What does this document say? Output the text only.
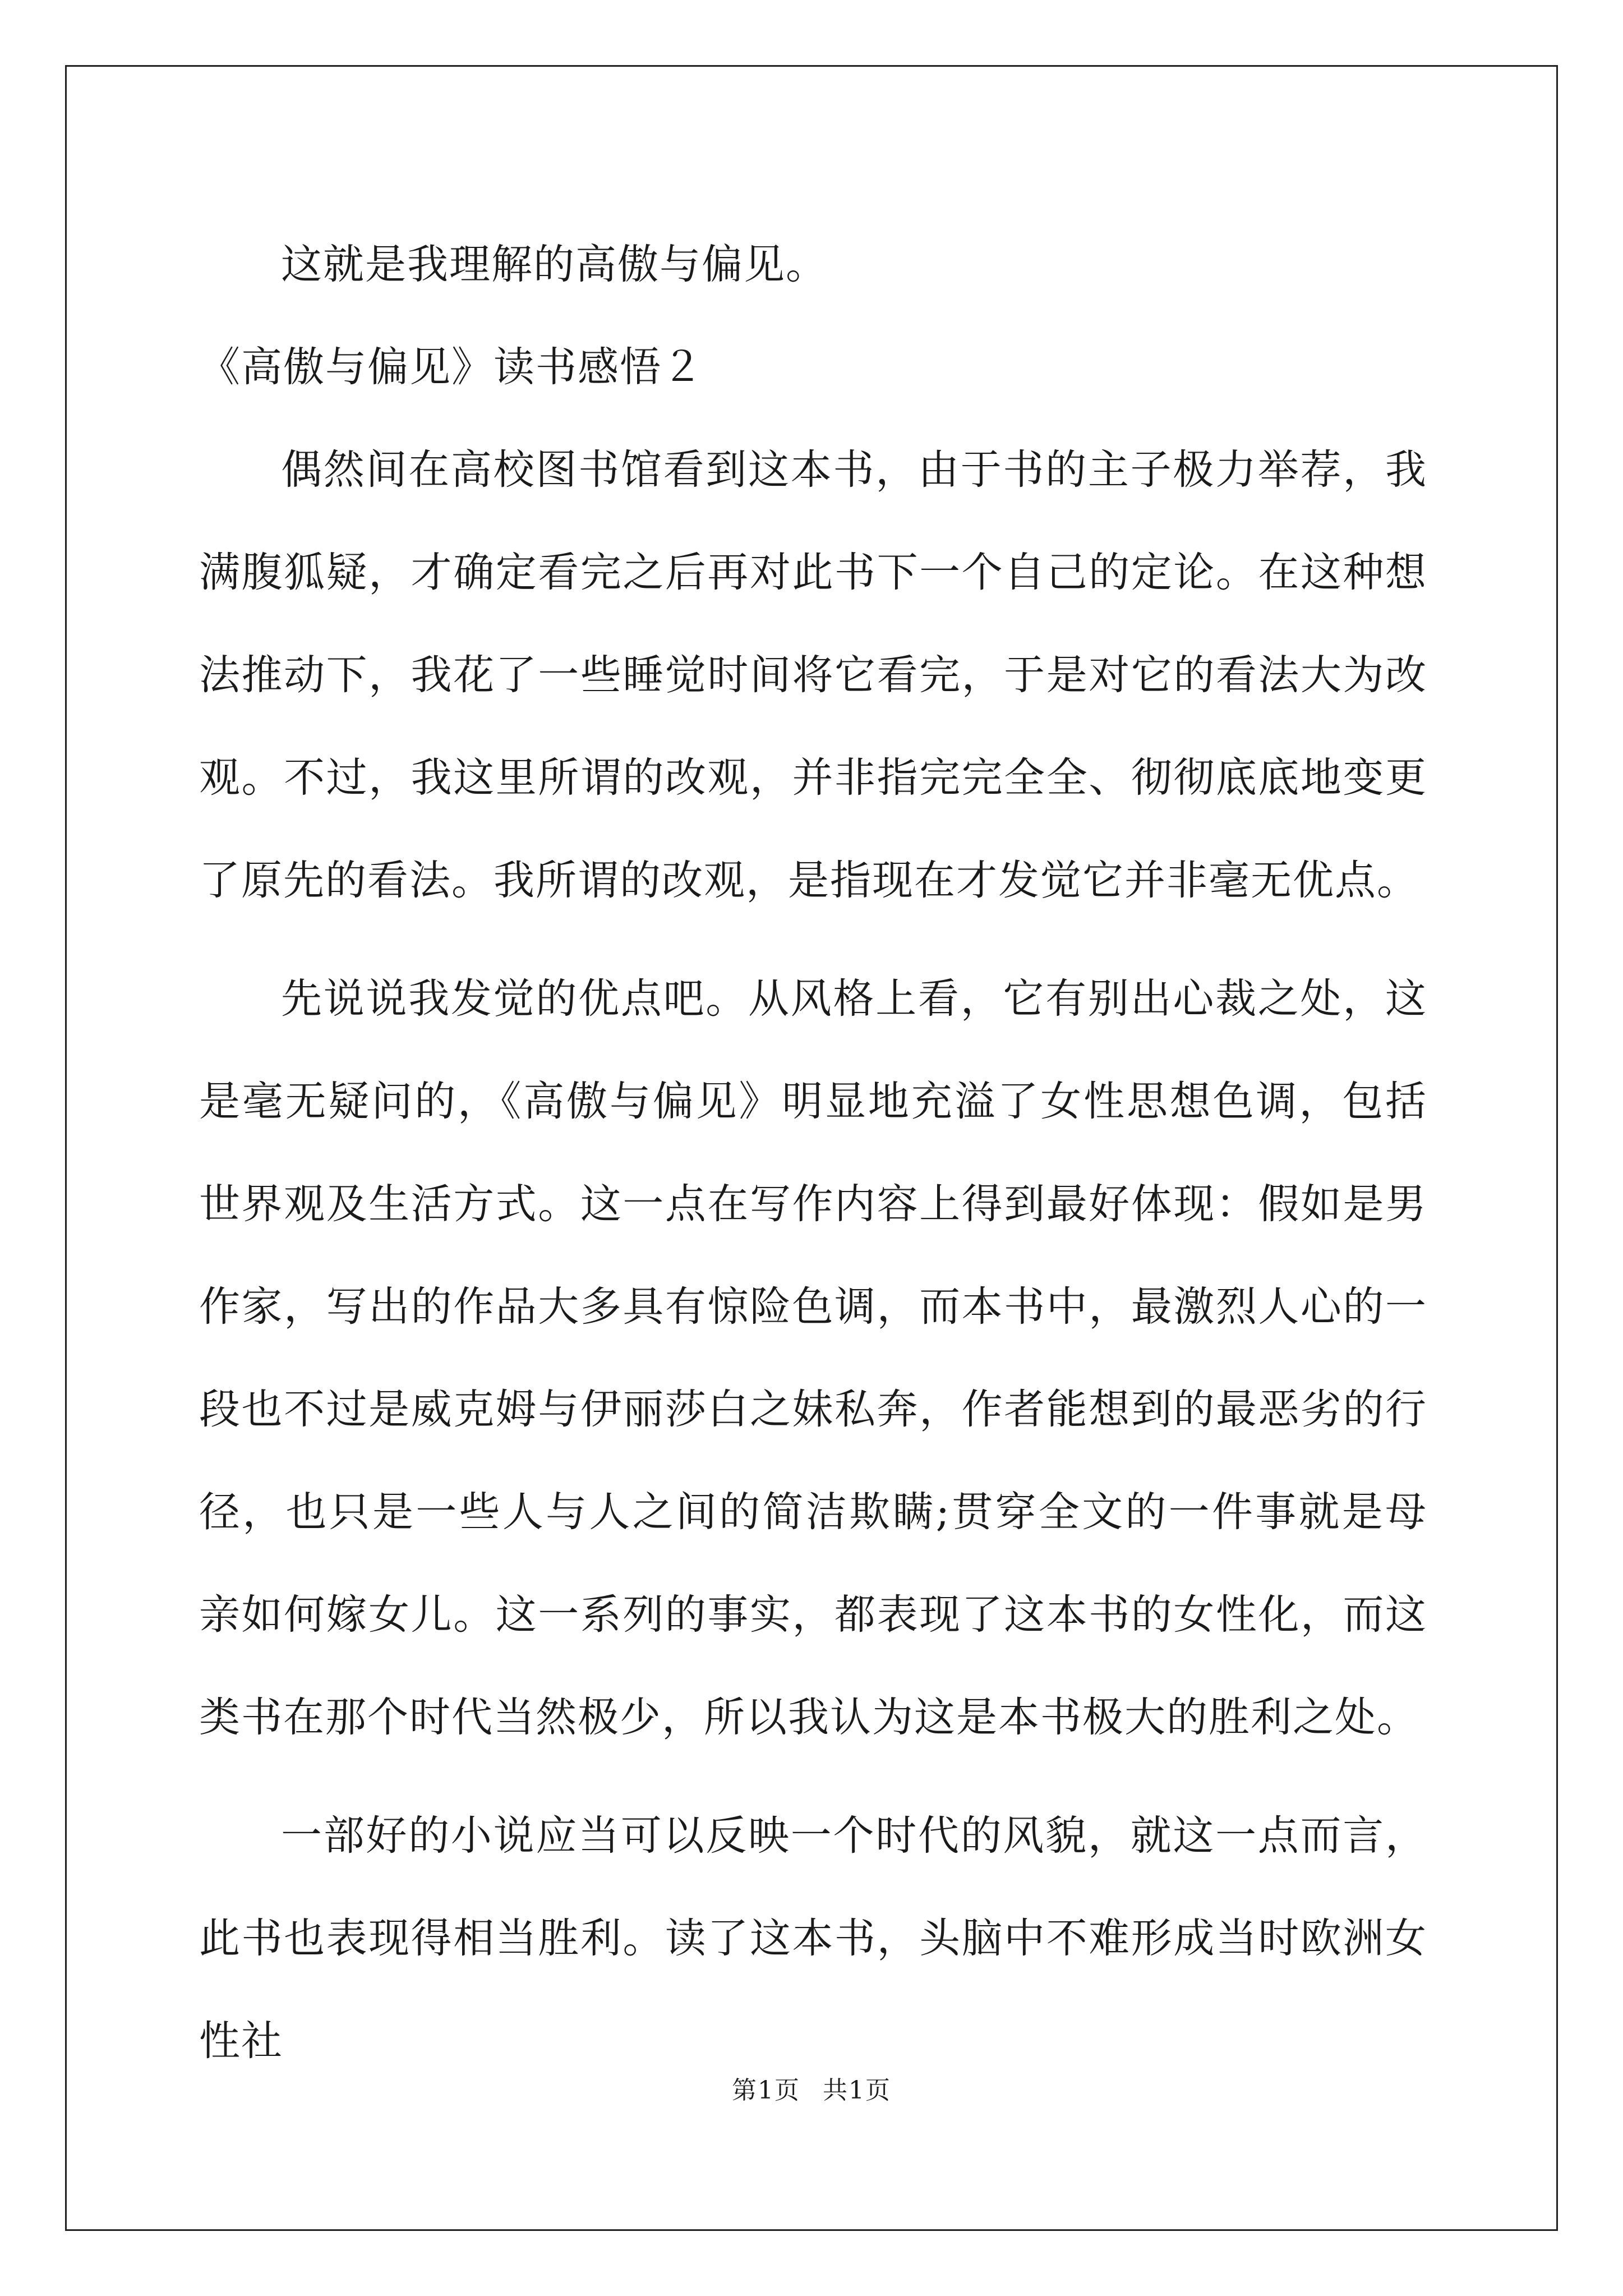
这就是我理解的高傲与偏见。

《高傲与偏见》读书感悟２

偶然间在高校图书馆看到这本书，由于书的主子极力举荐，我满腹狐疑，才确定看完之后再对此书下一个自己的定论。在这种想法推动下，我花了一些睡觉时间将它看完，于是对它的看法大为改观。不过，我这里所谓的改观，并非指完完全全、彻彻底底地变更了原先的看法。我所谓的改观，是指现在才发觉它并非毫无优点。

先说说我发觉的优点吧。从风格上看，它有别出心裁之处，这是毫无疑问的，《高傲与偏见》明显地充溢了女性思想色调，包括世界观及生活方式。这一点在写作内容上得到最好体现：假如是男作家，写出的作品大多具有惊险色调，而本书中，最激烈人心的一段也不过是威克姆与伊丽莎白之妹私奔，作者能想到的最恶劣的行径，也只是一些人与人之间的简洁欺瞒;贯穿全文的一件事就是母亲如何嫁女儿。这一系列的事实，都表现了这本书的女性化，而这类书在那个时代当然极少，所以我认为这是本书极大的胜利之处。

一部好的小说应当可以反映一个时代的风貌，就这一点而言，此书也表现得相当胜利。读了这本书，头脑中不难形成当时欧洲女性社

第1页 共1页
